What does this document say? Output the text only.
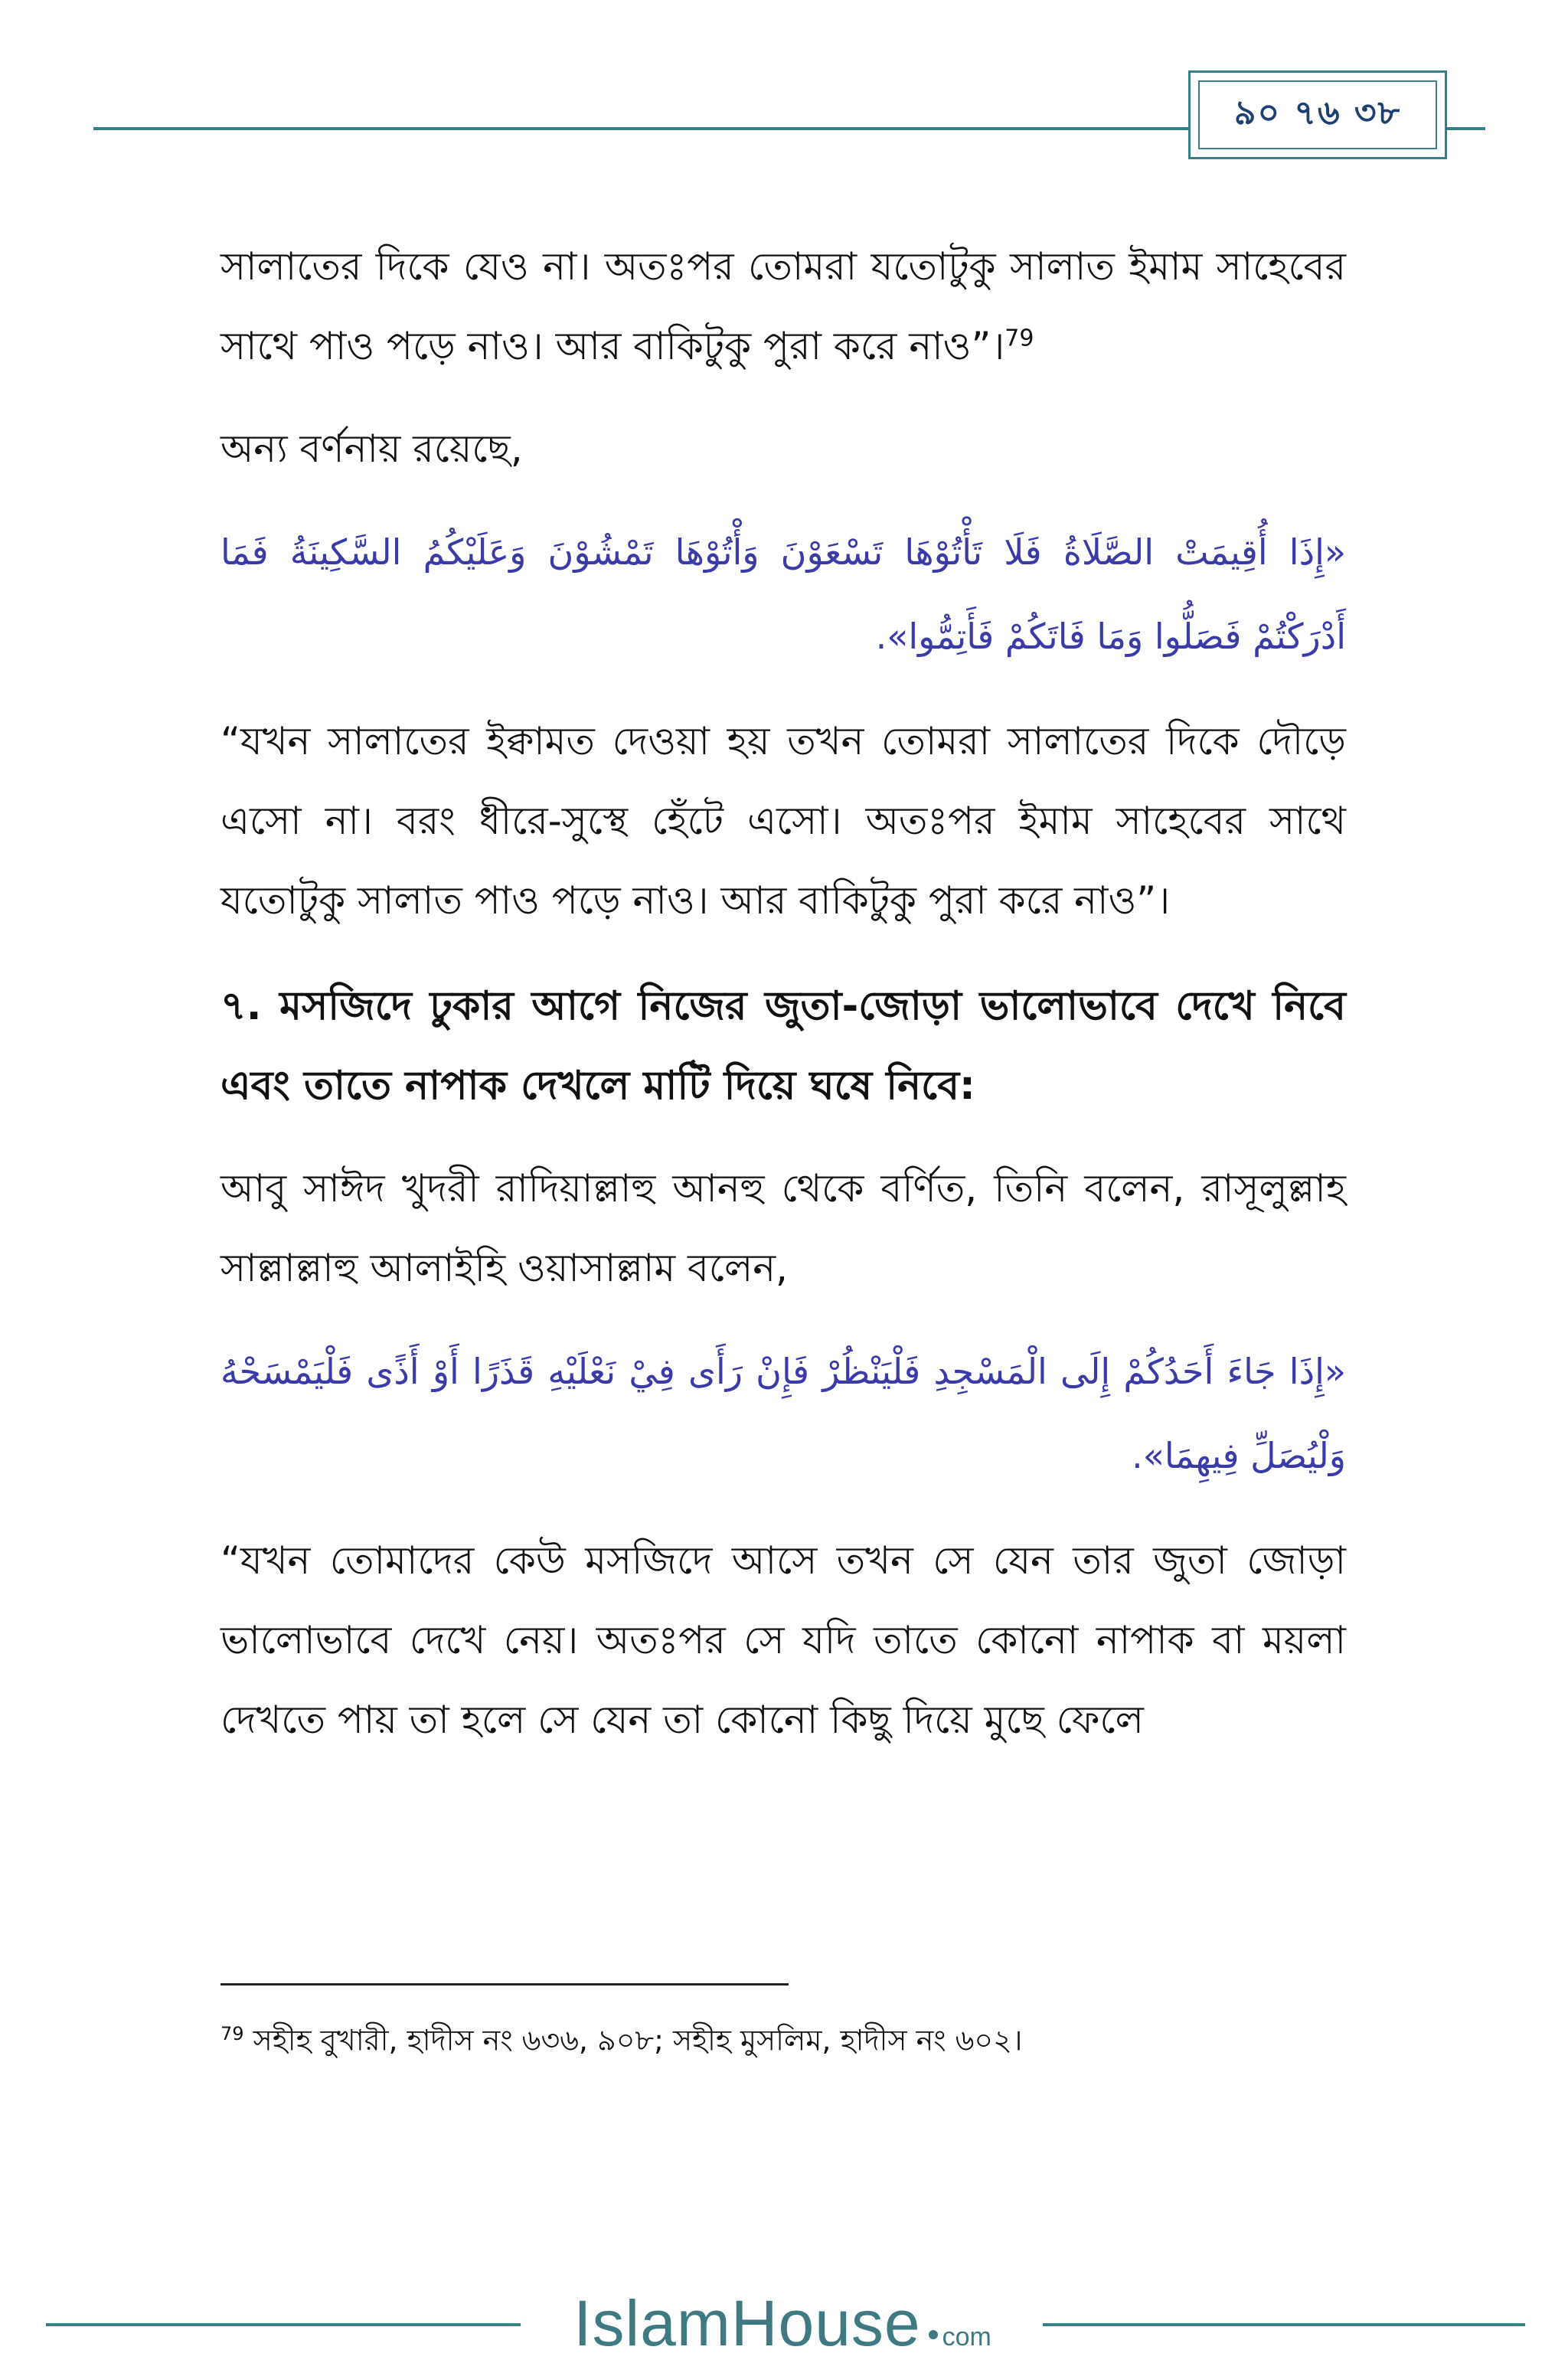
৯০ ৭৬ ৩৮

সালাতের দিকে যেও না। অতঃপর তোমরা যতোটুকু সালাত ইমাম সাহেবের সাথে পাও পড়ে নাও। আর বাকিটুকু পুরা করে নাও”।$^{79}$

অন্য বর্ণনায় রয়েছে,

«إِذَا أُقِيمَتْ الصَّلَاةُ فَلَا تَأْتُوْهَا تَسْعَوْنَ وَأْتُوْهَا تَمْشُوْنَ وَعَلَيْكُمُ السَّكِينَةُ فَمَا أَدْرَكْتُمْ فَصَلُّوا وَمَا فَاتَكُمْ فَأَتِمُّوا».

“যখন সালাতের ইক্বামত দেওয়া হয় তখন তোমরা সালাতের দিকে দৌড়ে এসো না। বরং ধীরে-সুস্থে হেঁটে এসো। অতঃপর ইমাম সাহেবের সাথে যতোটুকু সালাত পাও পড়ে নাও। আর বাকিটুকু পুরা করে নাও”।

৭. মসজিদে ঢুকার আগে নিজের জুতা-জোড়া ভালোভাবে দেখে নিবে এবং তাতে নাপাক দেখলে মাটি দিয়ে ঘষে নিবে:

আবু সাঈদ খুদরী রাদিয়াল্লাহু আনহু থেকে বর্ণিত, তিনি বলেন, রাসূলুল্লাহ সাল্লাল্লাহু আলাইহি ওয়াসাল্লাম বলেন,

«إِذَا جَاءَ أَحَدُكُمْ إِلَى الْمَسْجِدِ فَلْيَنْظُرْ فَإِنْ رَأَى فِيْ نَعْلَيْهِ قَذَرًا أَوْ أَذًى فَلْيَمْسَحْهُ وَلْيُصَلِّ فِيهِمَا».

“যখন তোমাদের কেউ মসজিদে আসে তখন সে যেন তার জুতা জোড়া ভালোভাবে দেখে নেয়। অতঃপর সে যদি তাতে কোনো নাপাক বা ময়লা দেখতে পায় তা হলে সে যেন তা কোনো কিছু দিয়ে মুছে ফেলে

$^{79}$ সহীহ বুখারী, হাদীস নং ৬৩৬, ৯০৮; সহীহ মুসলিম, হাদীস নং ৬০২।
IslamHouse com
